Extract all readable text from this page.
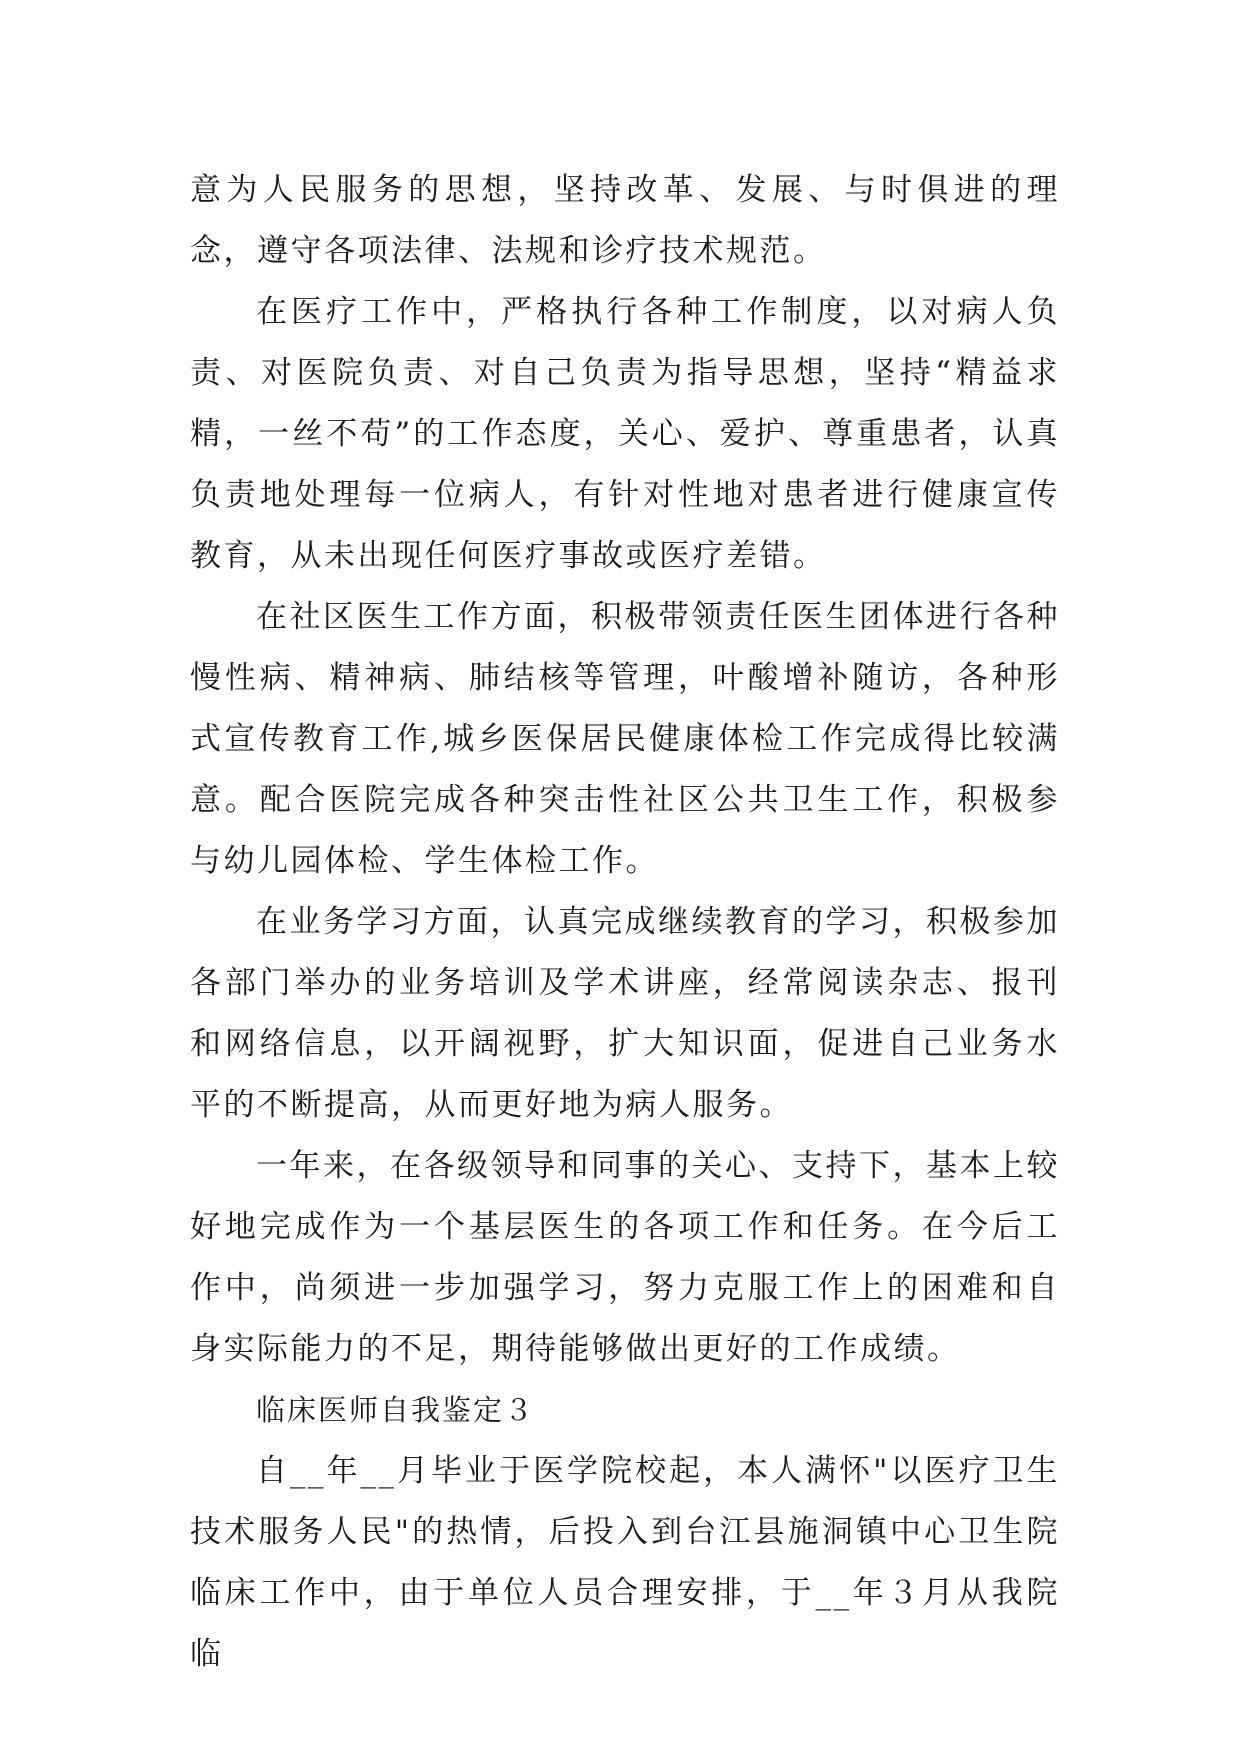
意为人民服务的思想，坚持改革、发展、与时俱进的理念，遵守各项法律、法规和诊疗技术规范。

在医疗工作中，严格执行各种工作制度，以对病人负责、对医院负责、对自己负责为指导思想，坚持“精益求精，一丝不苟”的工作态度，关心、爱护、尊重患者，认真负责地处理每一位病人，有针对性地对患者进行健康宣传教育，从未出现任何医疗事故或医疗差错。

在社区医生工作方面，积极带领责任医生团体进行各种慢性病、精神病、肺结核等管理，叶酸增补随访，各种形式宣传教育工作,城乡医保居民健康体检工作完成得比较满意。配合医院完成各种突击性社区公共卫生工作，积极参与幼儿园体检、学生体检工作。

在业务学习方面，认真完成继续教育的学习，积极参加各部门举办的业务培训及学术讲座，经常阅读杂志、报刊和网络信息，以开阔视野，扩大知识面，促进自己业务水平的不断提高，从而更好地为病人服务。

一年来，在各级领导和同事的关心、支持下，基本上较好地完成作为一个基层医生的各项工作和任务。在今后工作中，尚须进一步加强学习，努力克服工作上的困难和自身实际能力的不足，期待能够做出更好的工作成绩。

临床医师自我鉴定３

自__年__月毕业于医学院校起，本人满怀"以医疗卫生技术服务人民"的热情，后投入到台江县施洞镇中心卫生院临床工作中，由于单位人员合理安排，于__年３月从我院临
